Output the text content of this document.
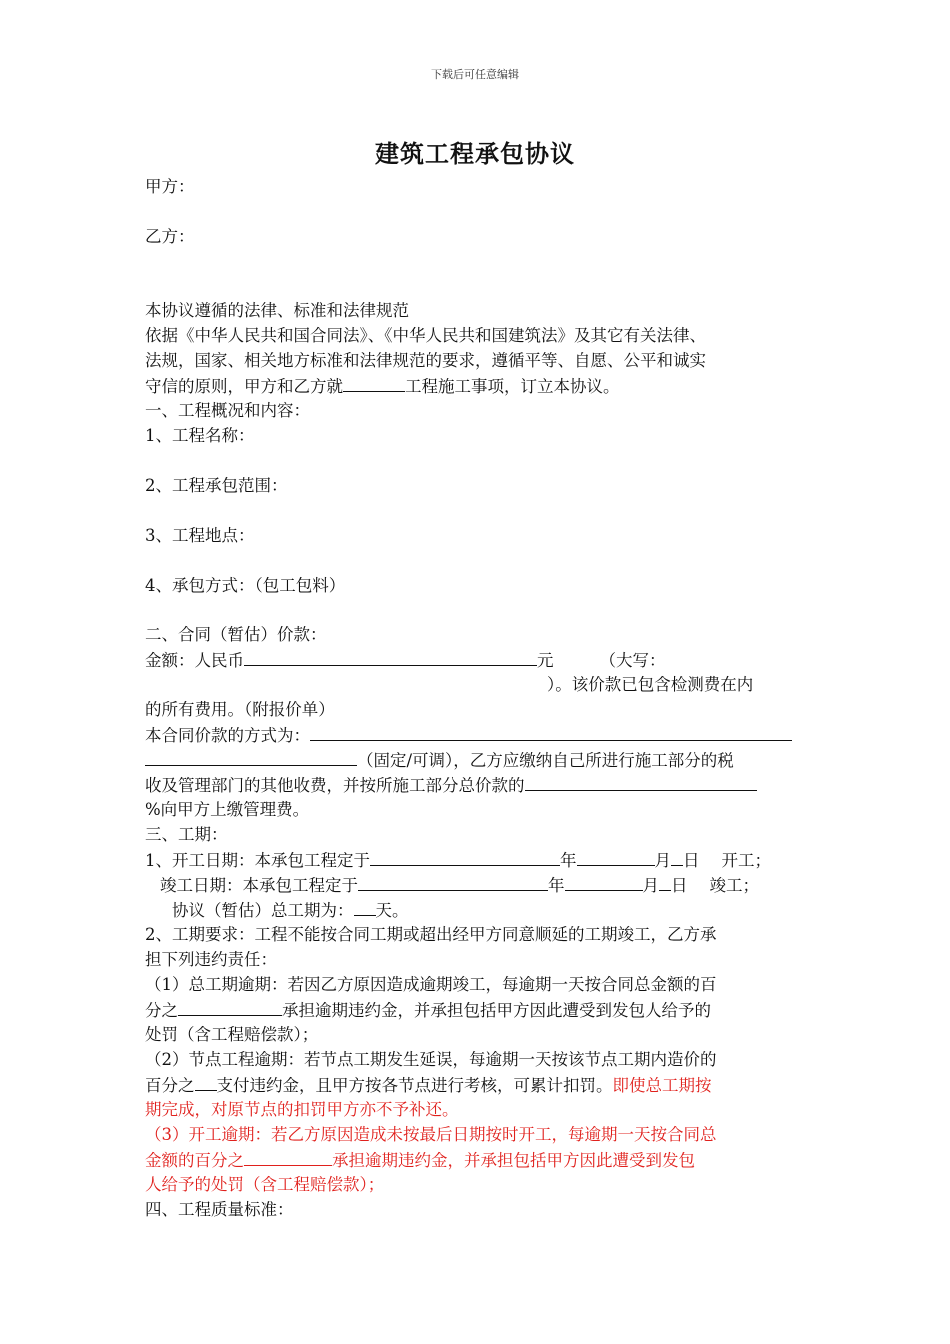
下载后可任意编辑
建筑工程承包协议
甲方：
乙方：
本协议遵循的法律、标准和法律规范
依据《中华人民共和国合同法》、《中华人民共和国建筑法》及其它有关法律、
法规，国家、相关地方标准和法律规范的要求，遵循平等、自愿、公平和诚实
守信的原则，甲方和乙方就	工程施工事项，订立本协议。
一、工程概况和内容：
1、工程名称：
2、工程承包范围：
3、工程地点：
4、承包方式：（包工包料）
二、合同（暂估）价款：
金额：人民币	元	（大写：
）。该价款已包含检测费在内
的所有费用。（附报价单）
本合同价款的方式为：
（固定/可调），乙方应缴纳自己所进行施工部分的税
收及管理部门的其他收费，并按所施工部分总价款的
%向甲方上缴管理费。
三、工期：
1、开工日期：本承包工程定于	年	月 日 开工；
竣工日期：本承包工程定于	年	月 日 竣工；
协议（暂估）总工期为： 天。
2、工期要求：工程不能按合同工期或超出经甲方同意顺延的工期竣工，乙方承
担下列违约责任：
（1）总工期逾期：若因乙方原因造成逾期竣工，每逾期一天按合同总金额的百
分之	承担逾期违约金，并承担包括甲方因此遭受到发包人给予的
处罚（含工程赔偿款）；
（2）节点工程逾期：若节点工期发生延误，每逾期一天按该节点工期内造价的
百分之 支付违约金，且甲方按各节点进行考核，可累计扣罚。即使总工期按
期完成，对原节点的扣罚甲方亦不予补还。
（3）开工逾期：若乙方原因造成未按最后日期按时开工，每逾期一天按合同总
金额的百分之	承担逾期违约金，并承担包括甲方因此遭受到发包
人给予的处罚（含工程赔偿款）；
四、工程质量标准：
